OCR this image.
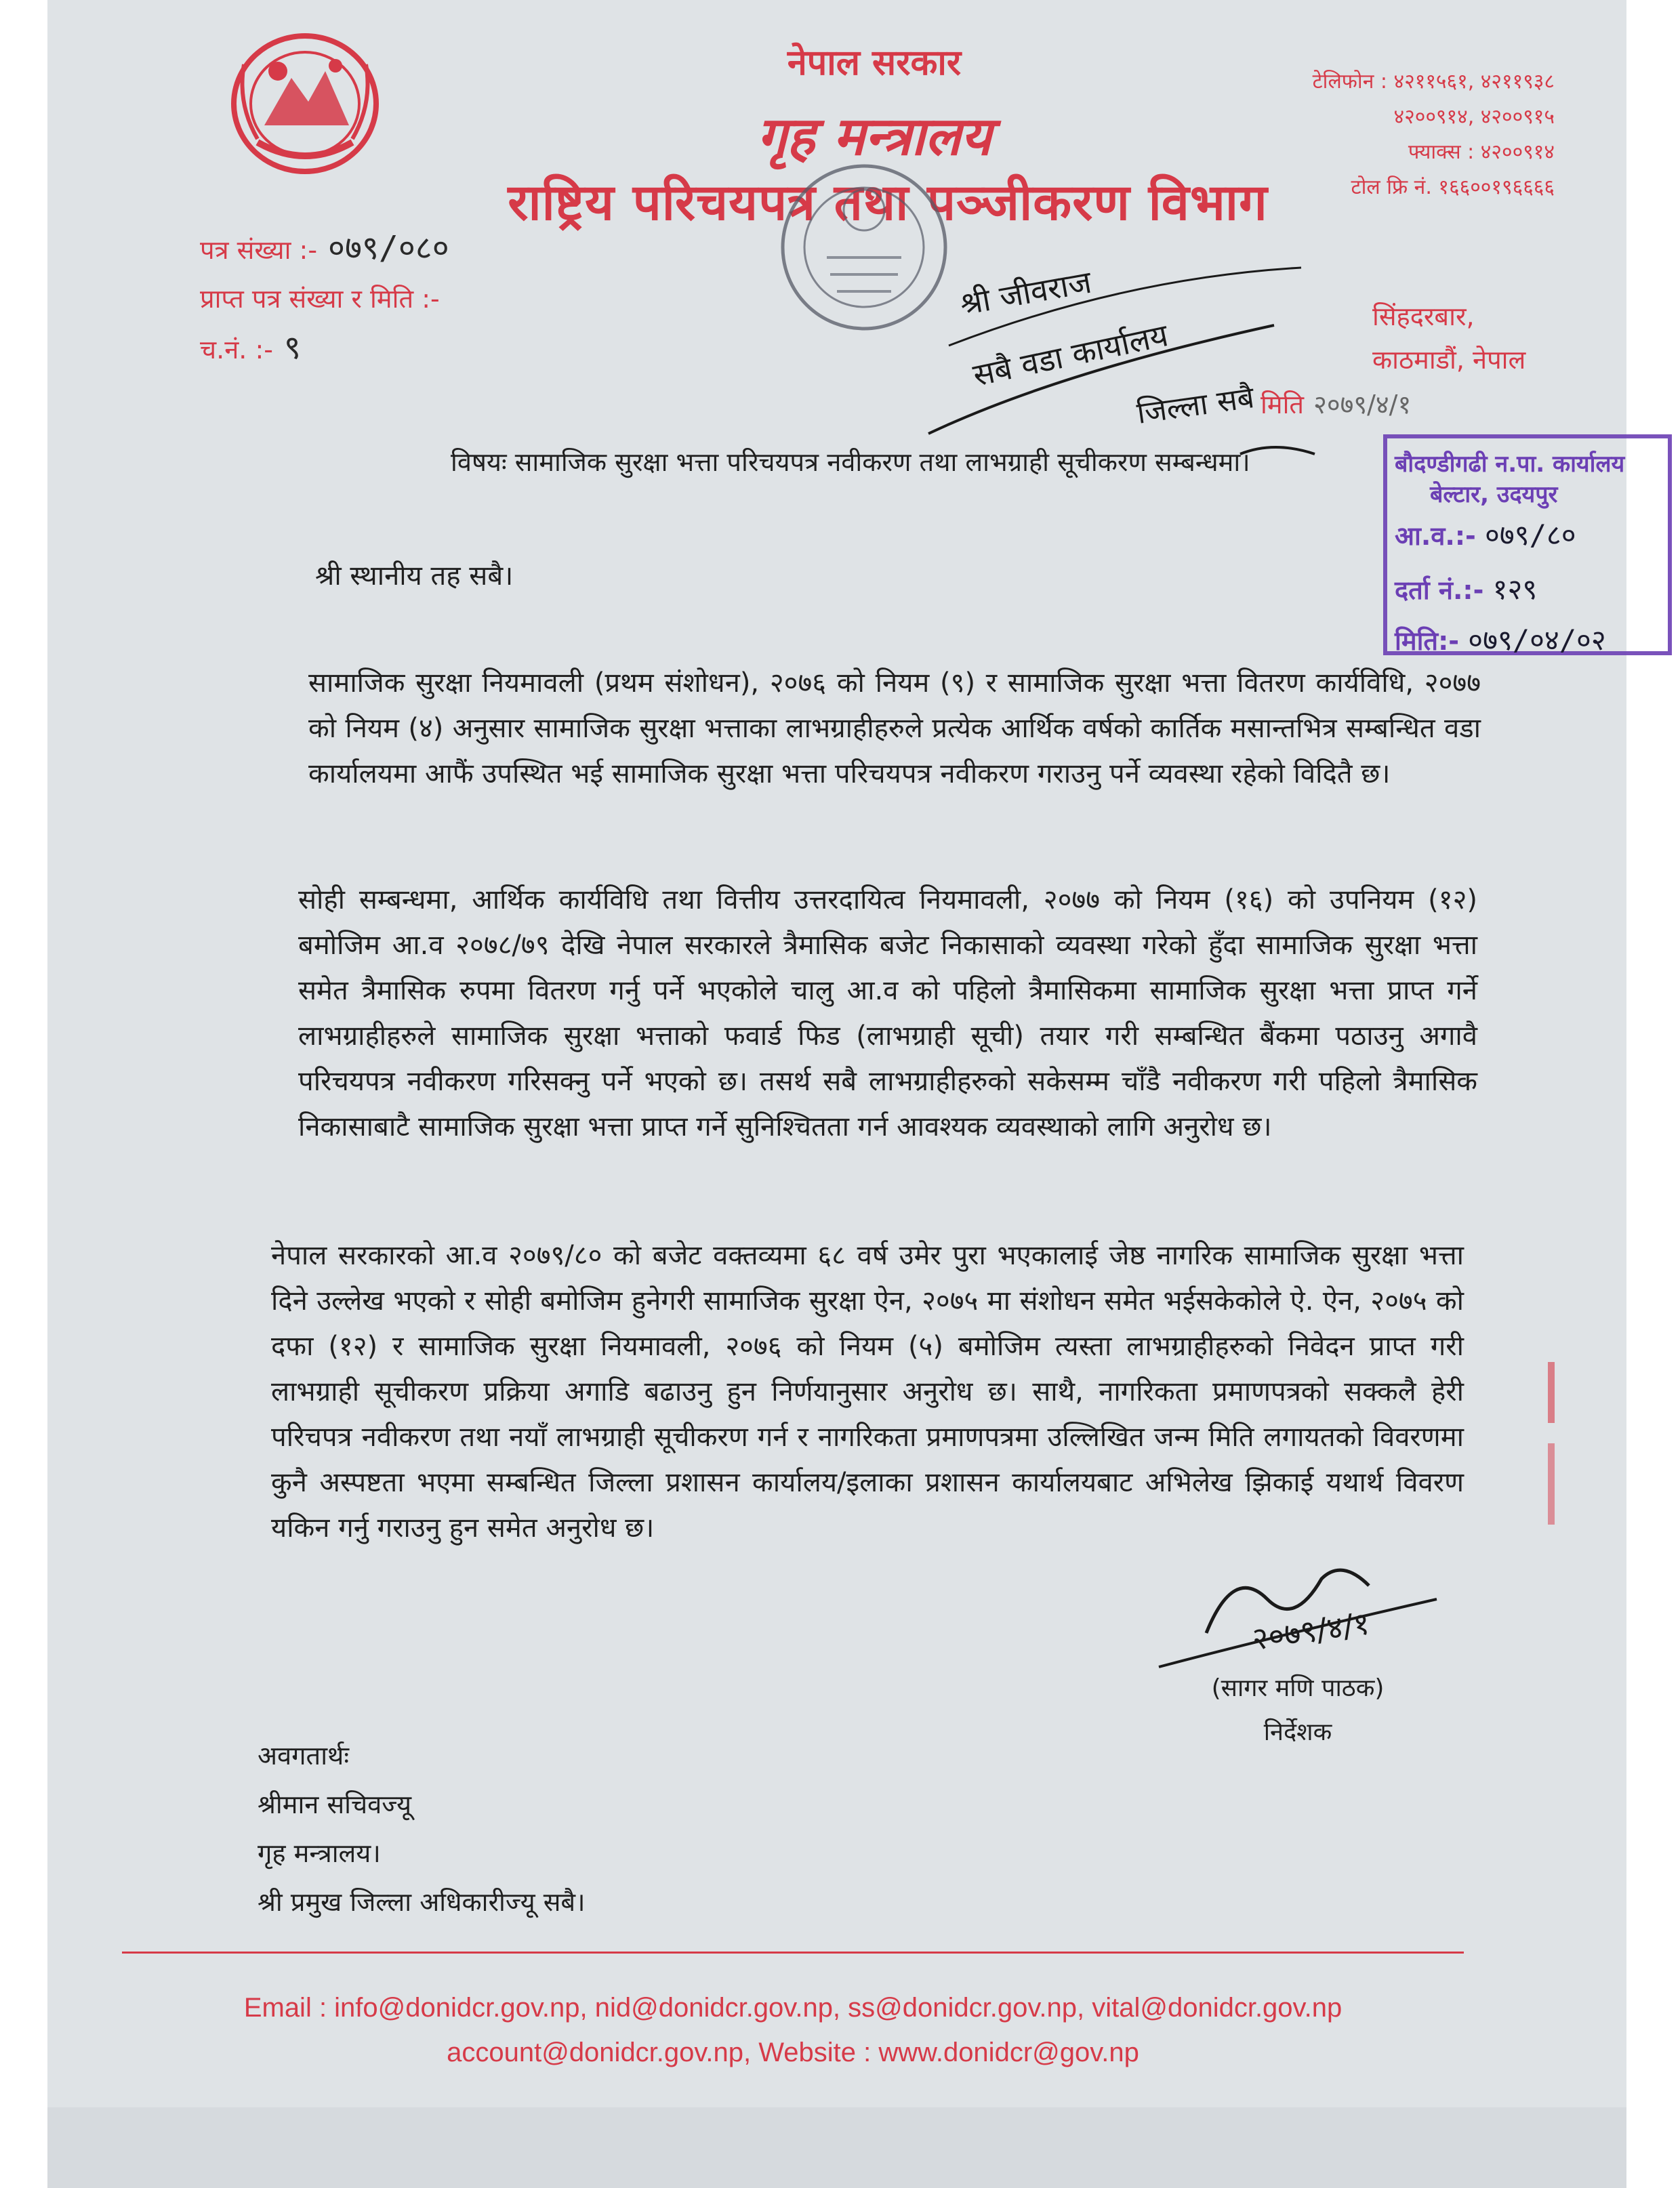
नेपाल सरकार
गृह मन्त्रालय
राष्ट्रिय परिचयपत्र तथा पञ्जीकरण विभाग
टेलिफोन : ४२११५६१, ४२११९३८
४२००९१४, ४२००९१५
फ्याक्स : ४२००९१४
टोल फ्रि नं. १६६००१९६६६६
पत्र संख्या :- ०७९/०८०
प्राप्त पत्र संख्या र मिति :-
च.नं. :- ९
सिंहदरबार,
काठमाडौं, नेपाल
मिति २०७९/४/१
श्री जीवराज
सबै वडा कार्यालय
जिल्ला सबै
बौदण्डीगढी न.पा. कार्यालय
बेल्टार, उदयपुर
आ.व.:- ०७९/८०
दर्ता नं.:- १२९
मिति:- ०७९/०४/०२
विषयः सामाजिक सुरक्षा भत्ता परिचयपत्र नवीकरण तथा लाभग्राही सूचीकरण सम्बन्धमा।
श्री स्थानीय तह सबै।
सामाजिक सुरक्षा नियमावली (प्रथम संशोधन), २०७६ को नियम (९) र सामाजिक सुरक्षा भत्ता वितरण कार्यविधि, २०७७ को नियम (४) अनुसार सामाजिक सुरक्षा भत्ताका लाभग्राहीहरुले प्रत्येक आर्थिक वर्षको कार्तिक मसान्तभित्र सम्बन्धित वडा कार्यालयमा आफैं उपस्थित भई सामाजिक सुरक्षा भत्ता परिचयपत्र नवीकरण गराउनु पर्ने व्यवस्था रहेको विदितै छ।
सोही सम्बन्धमा, आर्थिक कार्यविधि तथा वित्तीय उत्तरदायित्व नियमावली, २०७७ को नियम (१६) को उपनियम (१२) बमोजिम आ.व २०७८/७९ देखि नेपाल सरकारले त्रैमासिक बजेट निकासाको व्यवस्था गरेको हुँदा सामाजिक सुरक्षा भत्ता समेत त्रैमासिक रुपमा वितरण गर्नु पर्ने भएकोले चालु आ.व को पहिलो त्रैमासिकमा सामाजिक सुरक्षा भत्ता प्राप्त गर्ने लाभग्राहीहरुले सामाजिक सुरक्षा भत्ताको फवार्ड फिड (लाभग्राही सूची) तयार गरी सम्बन्धित बैंकमा पठाउनु अगावै परिचयपत्र नवीकरण गरिसक्नु पर्ने भएको छ। तसर्थ सबै लाभग्राहीहरुको सकेसम्म चाँडै नवीकरण गरी पहिलो त्रैमासिक निकासाबाटै सामाजिक सुरक्षा भत्ता प्राप्त गर्ने सुनिश्चितता गर्न आवश्यक व्यवस्थाको लागि अनुरोध छ।
नेपाल सरकारको आ.व २०७९/८० को बजेट वक्तव्यमा ६८ वर्ष उमेर पुरा भएकालाई जेष्ठ नागरिक सामाजिक सुरक्षा भत्ता दिने उल्लेख भएको र सोही बमोजिम हुनेगरी सामाजिक सुरक्षा ऐन, २०७५ मा संशोधन समेत भईसकेकोले ऐ. ऐन, २०७५ को दफा (१२) र सामाजिक सुरक्षा नियमावली, २०७६ को नियम (५) बमोजिम त्यस्ता लाभग्राहीहरुको निवेदन प्राप्त गरी लाभग्राही सूचीकरण प्रक्रिया अगाडि बढाउनु हुन निर्णयानुसार अनुरोध छ। साथै, नागरिकता प्रमाणपत्रको सक्कलै हेरी परिचपत्र नवीकरण तथा नयाँ लाभग्राही सूचीकरण गर्न र नागरिकता प्रमाणपत्रमा उल्लिखित जन्म मिति लगायतको विवरणमा कुनै अस्पष्टता भएमा सम्बन्धित जिल्ला प्रशासन कार्यालय/इलाका प्रशासन कार्यालयबाट अभिलेख झिकाई यथार्थ विवरण यकिन गर्नु गराउनु हुन समेत अनुरोध छ।
२०७९/४/१
(सागर मणि पाठक)
निर्देशक
अवगतार्थः
श्रीमान सचिवज्यू
गृह मन्त्रालय।
श्री प्रमुख जिल्ला अधिकारीज्यू सबै।
Email : info@donidcr.gov.np, nid@donidcr.gov.np, ss@donidcr.gov.np, vital@donidcr.gov.np
account@donidcr.gov.np, Website : www.donidcr@gov.np
